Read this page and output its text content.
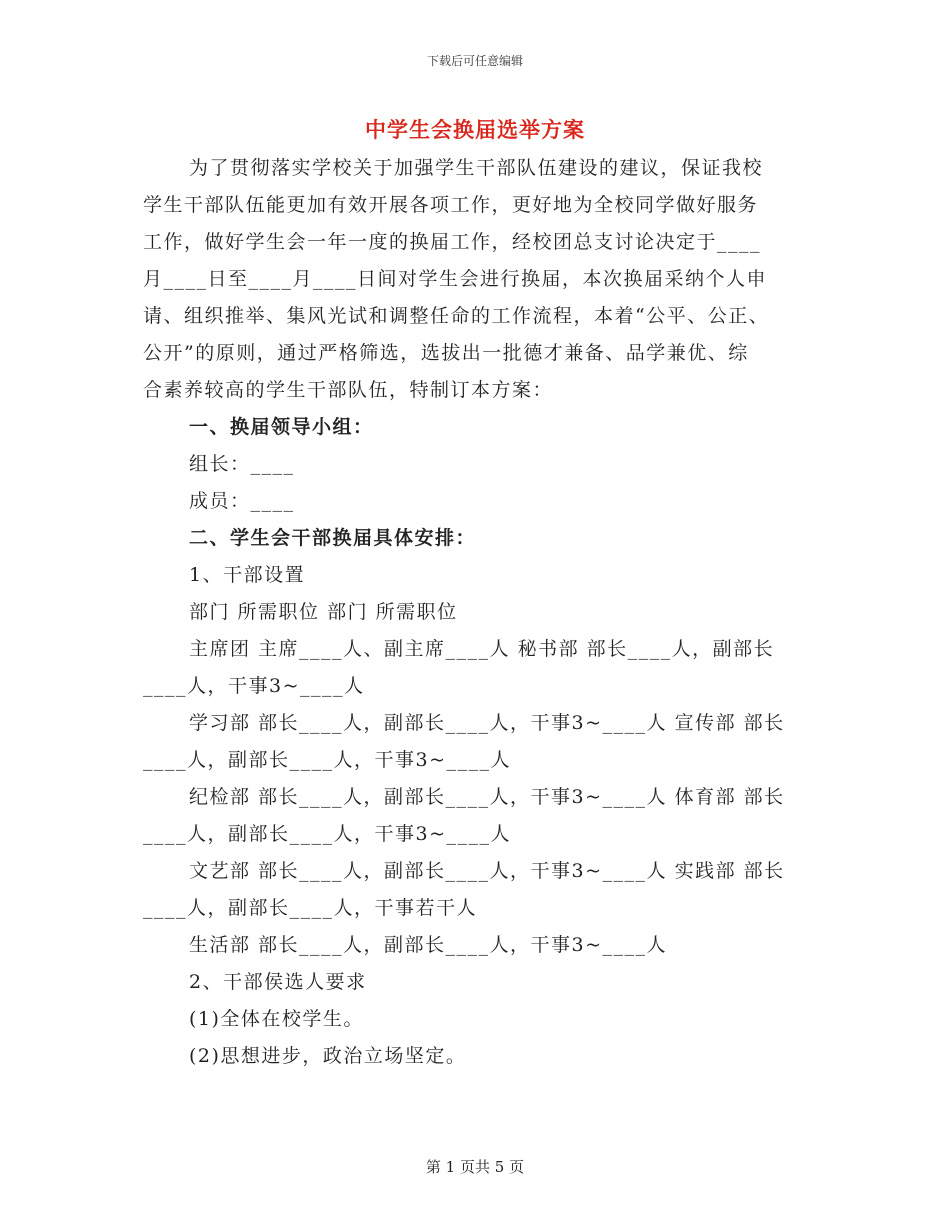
下载后可任意编辑
中学生会换届选举方案

为了贯彻落实学校关于加强学生干部队伍建设的建议，保证我校

学生干部队伍能更加有效开展各项工作，更好地为全校同学做好服务

工作，做好学生会一年一度的换届工作，经校团总支讨论决定于____

月____日至____月____日间对学生会进行换届，本次换届采纳个人申

请、组织推举、集风光试和调整任命的工作流程，本着“公平、公正、

公开”的原则，通过严格筛选，选拔出一批德才兼备、品学兼优、综

合素养较高的学生干部队伍，特制订本方案：

一、换届领导小组：

组长：____

成员：____

二、学生会干部换届具体安排：

1、干部设置

部门 所需职位 部门 所需职位

主席团 主席____人、副主席____人 秘书部 部长____人，副部长

____人，干事3~____人

学习部 部长____人，副部长____人，干事3~____人 宣传部 部长

____人，副部长____人，干事3~____人

纪检部 部长____人，副部长____人，干事3~____人 体育部 部长

____人，副部长____人，干事3~____人

文艺部 部长____人，副部长____人，干事3~____人 实践部 部长

____人，副部长____人，干事若干人

生活部 部长____人，副部长____人，干事3~____人

2、干部侯选人要求

(1)全体在校学生。

(2)思想进步，政治立场坚定。

第 1 页共 5 页
